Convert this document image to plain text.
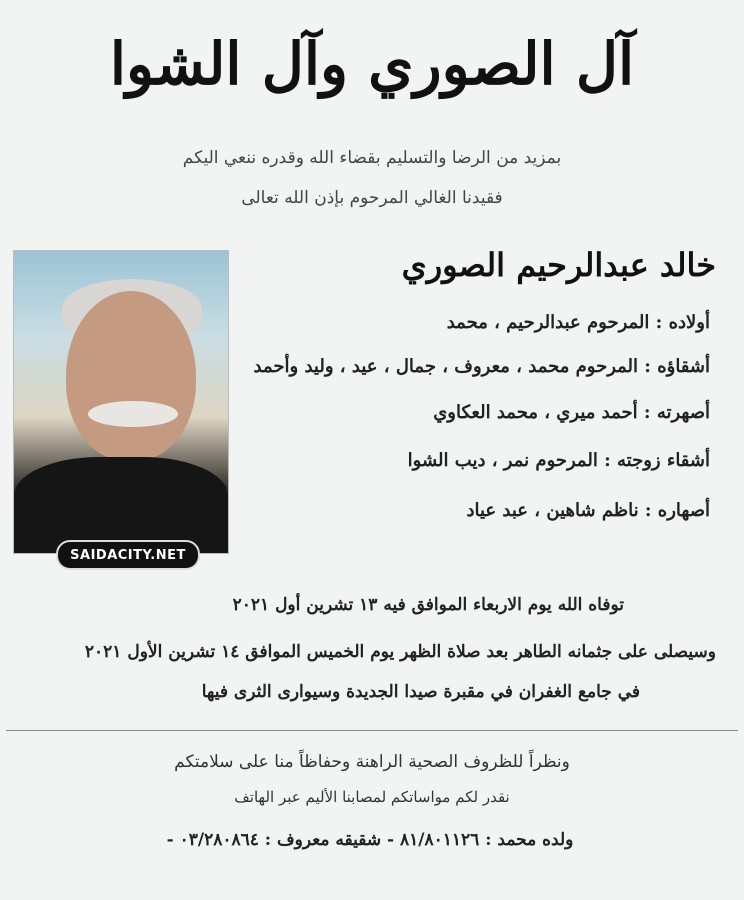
آل الصوري وآل الشوا
بمزيد من الرضا والتسليم بقضاء الله وقدره ننعي اليكم
فقيدنا الغالي المرحوم بإذن الله تعالى
SAIDACITY.NET
خالد عبدالرحيم الصوري
أولاده : المرحوم عبدالرحيم ، محمد
أشقاؤه : المرحوم محمد ، معروف ، جمال ، عيد ، وليد وأحمد
أصهرته : أحمد ميري ، محمد العكاوي
أشقاء زوجته : المرحوم نمر ، ديب الشوا
أصهاره : ناظم شاهين ، عبد عياد
توفاه الله يوم الاربعاء الموافق فيه ١٣ تشرين أول ٢٠٢١
وسيصلى على جثمانه الطاهر بعد صلاة الظهر يوم الخميس الموافق ١٤ تشرين الأول ٢٠٢١
في جامع الغفران في مقبرة صيدا الجديدة وسيوارى الثرى فيها
ونظراً للظروف الصحية الراهنة وحفاظاً منا على سلامتكم
نقدر لكم مواساتكم لمصابنا الأليم عبر الهاتف
ولده محمد : ٨١/٨٠١١٢٦ - شقيقه معروف : ٠٣/٢٨٠٨٦٤ -
